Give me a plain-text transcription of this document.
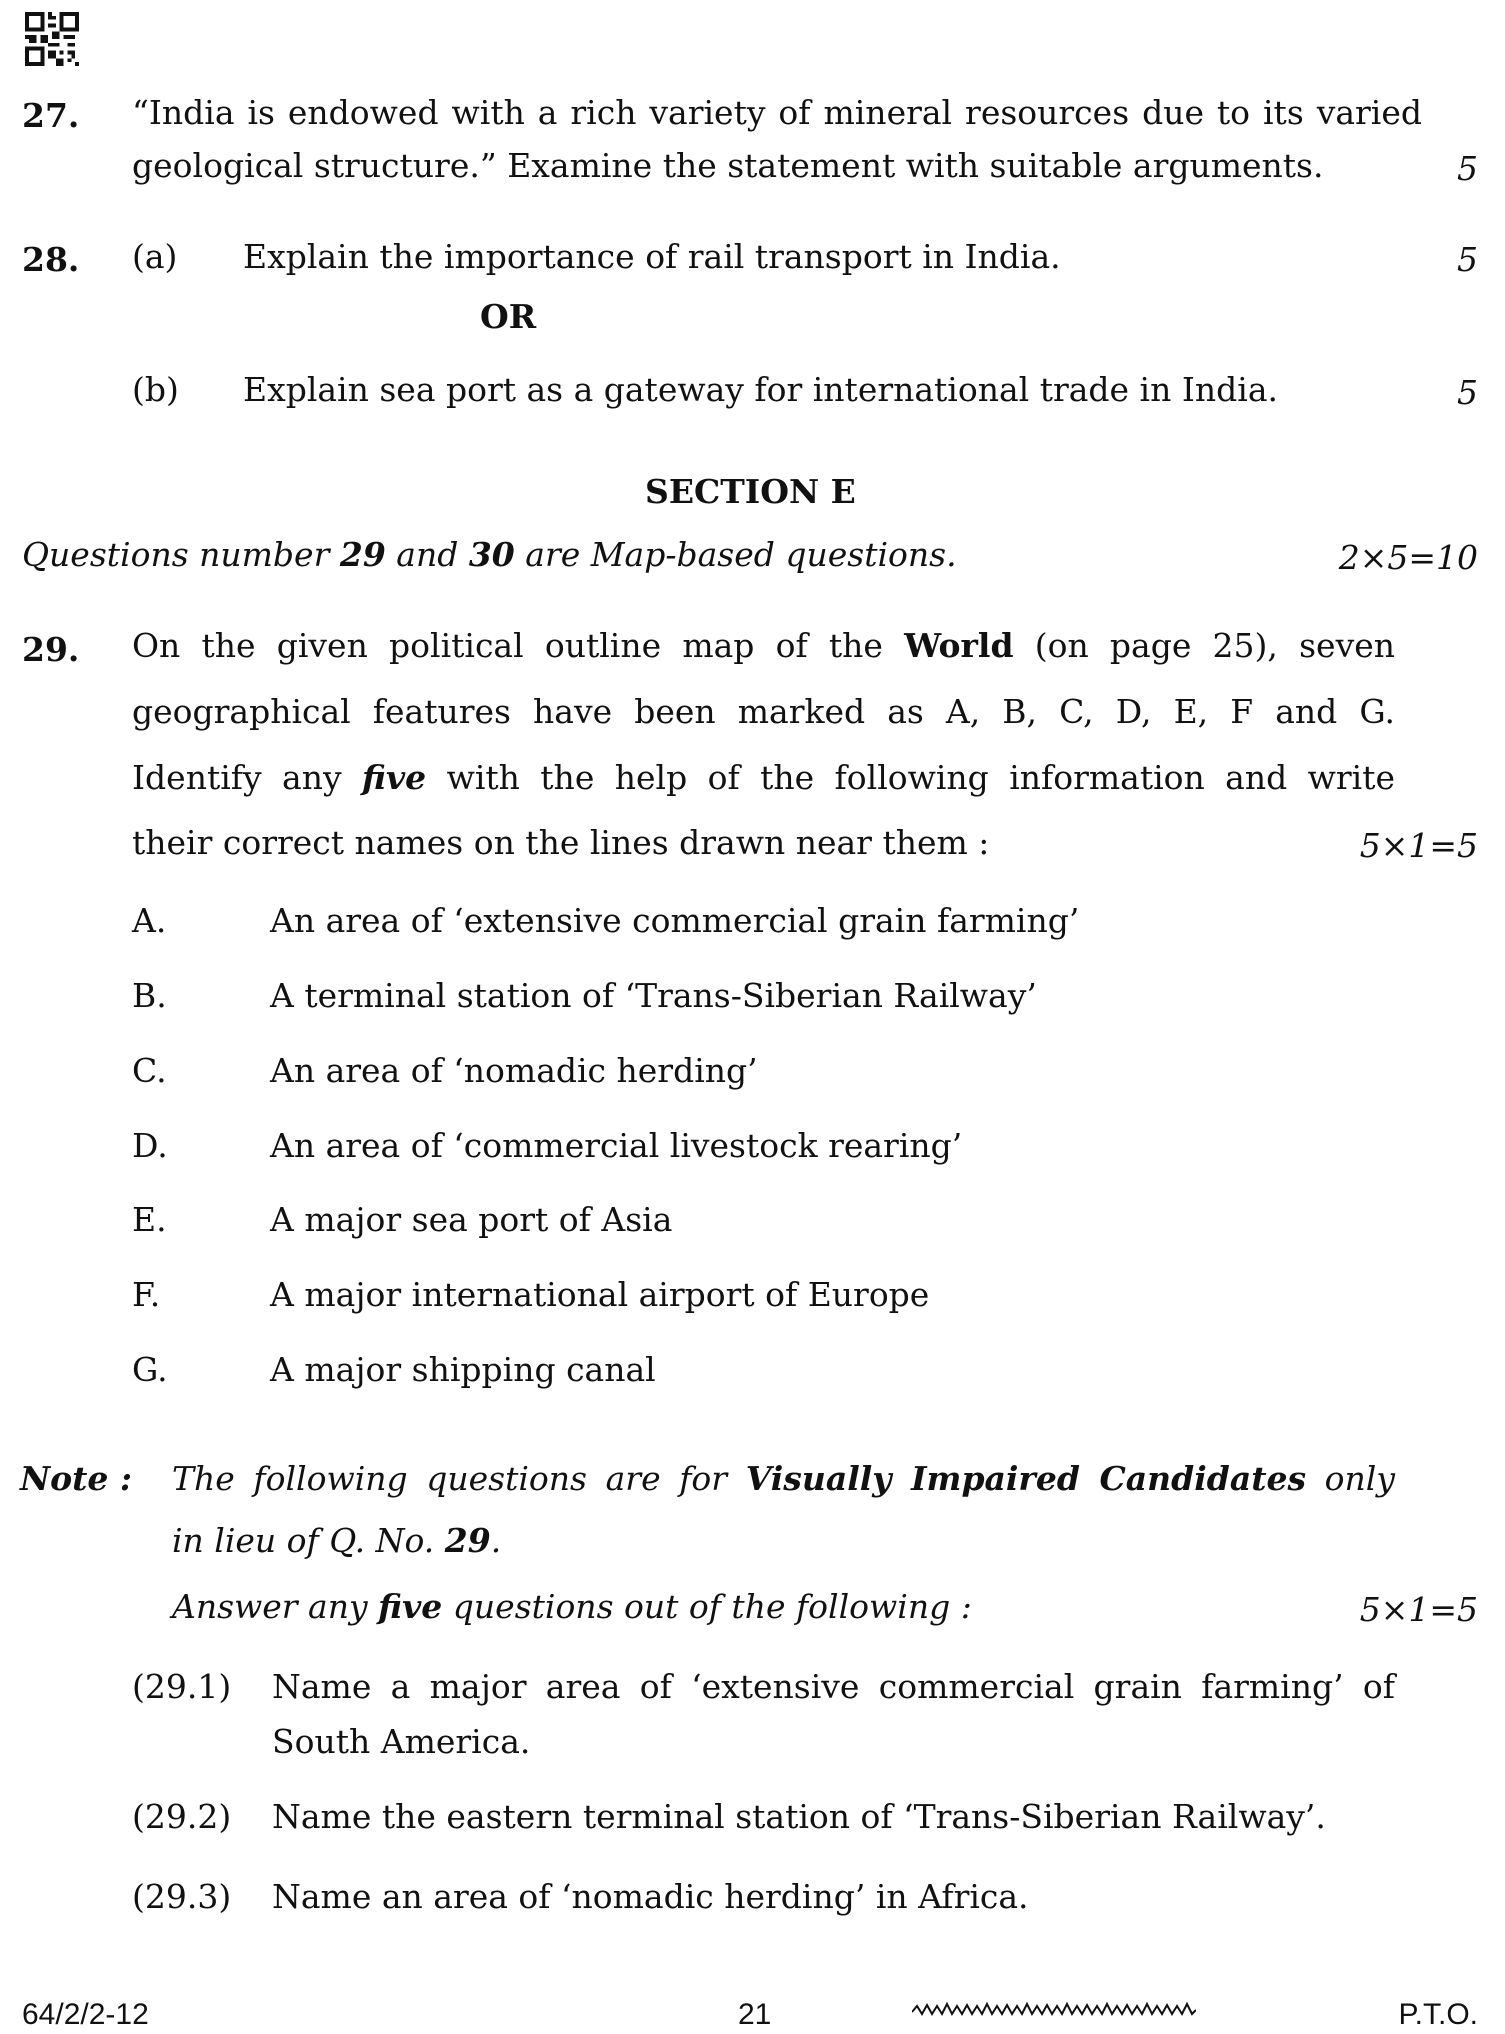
27. “India is endowed with a rich variety of mineral resources due to its varied
geological structure.” Examine the statement with suitable arguments.	5
28. (a) Explain the importance of rail transport in India.	5
OR
(b) Explain sea port as a gateway for international trade in India.	5
SECTION E
Questions number 29 and 30 are Map-based questions.	2×5=10
29. On the given political outline map of the World (on page 25), seven
geographical features have been marked as A, B, C, D, E, F and G.
Identify any five with the help of the following information and write
their correct names on the lines drawn near them :	5×1=5
A.	An area of ‘extensive commercial grain farming’
B.	A terminal station of ‘Trans-Siberian Railway’
C.	An area of ‘nomadic herding’
D.	An area of ‘commercial livestock rearing’
E.	A major sea port of Asia
F.	A major international airport of Europe
G.	A major shipping canal
Note : The following questions are for Visually Impaired Candidates only
in lieu of Q. No. 29.
Answer any five questions out of the following :	5×1=5
(29.1) Name a major area of ‘extensive commercial grain farming’ of
South America.
(29.2) Name the eastern terminal station of ‘Trans-Siberian Railway’.
(29.3) Name an area of ‘nomadic herding’ in Africa.
64/2/2-12	21	P.T.O.
